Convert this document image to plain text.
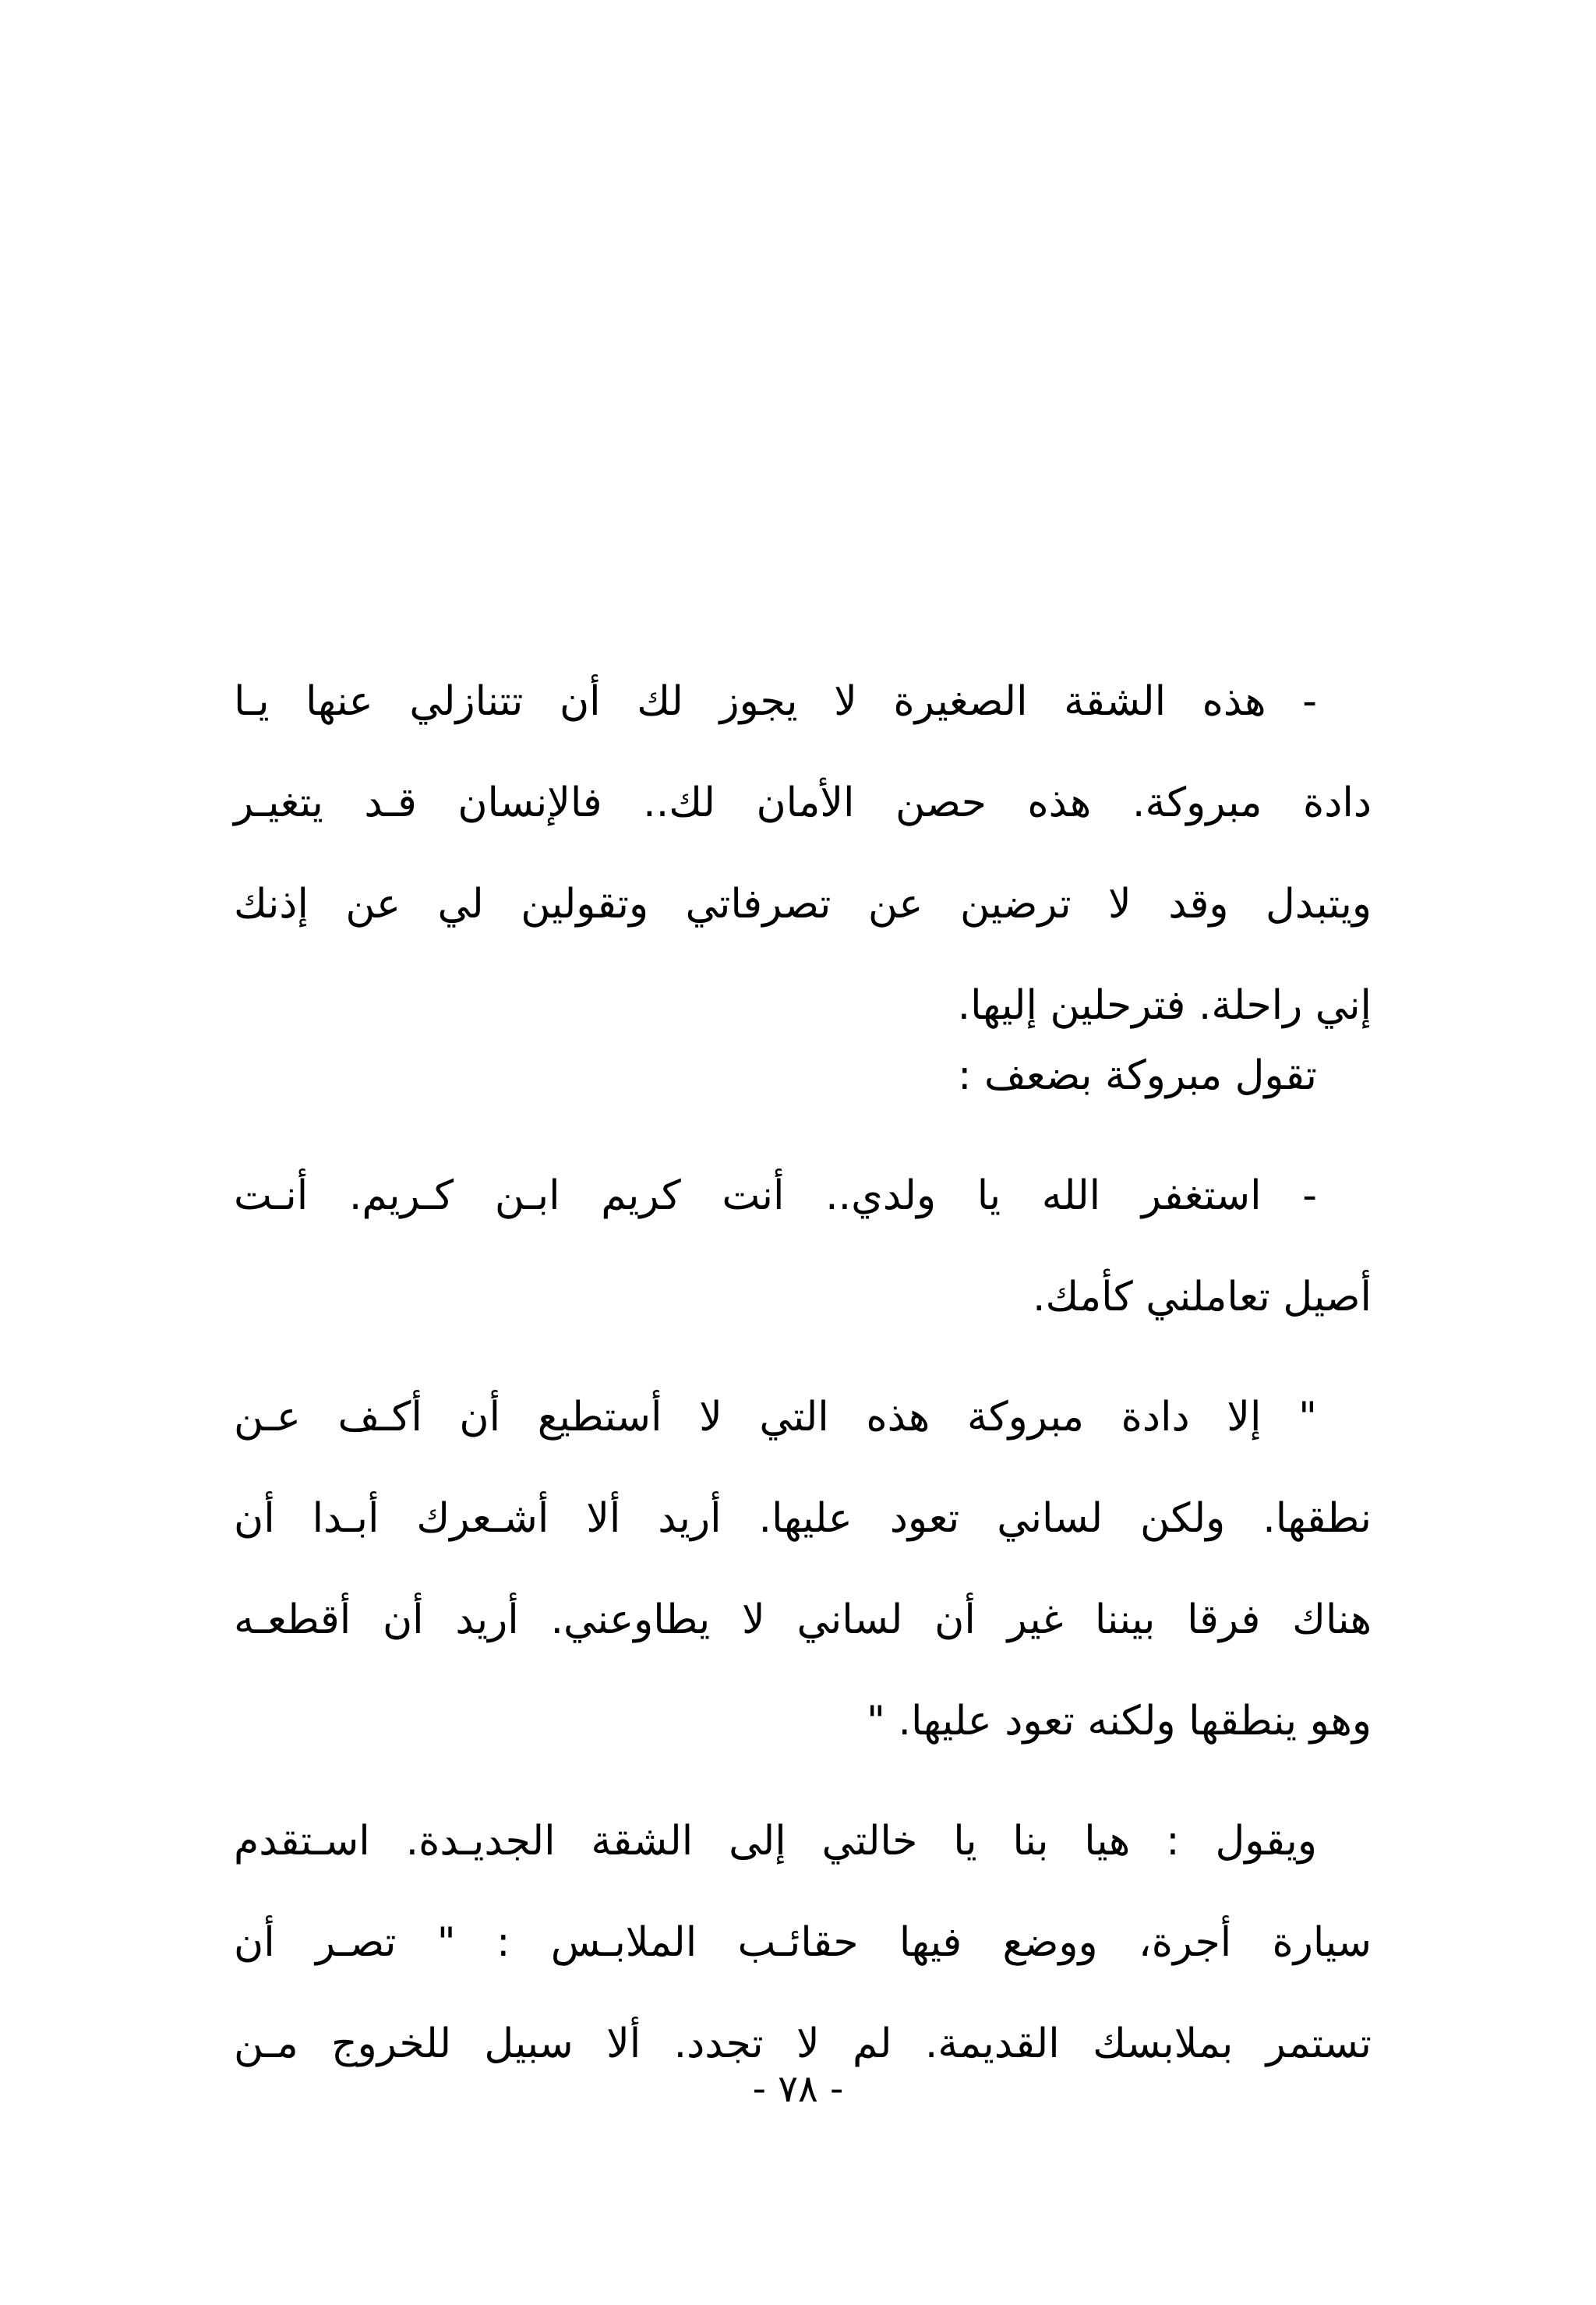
- هذه الشقة الصغيرة لا يجوز لك أن تتنازلي عنها يـا
دادة مبروكة. هذه حصن الأمان لك.. فالإنسان قـد يتغيـر
ويتبدل وقد لا ترضين عن تصرفاتي وتقولين لي عن إذنك
إني راحلة. فترحلين إليها.
تقول مبروكة بضعف :
- استغفر الله يا ولدي.. أنت كريم ابـن كـريم. أنـت
أصيل تعاملني كأمك.
" إلا دادة مبروكة هذه التي لا أستطيع أن أكـف عـن
نطقها. ولكن لساني تعود عليها. أريد ألا أشـعرك أبـدا أن
هناك فرقا بيننا غير أن لساني لا يطاوعني. أريد أن أقطعـه
وهو ينطقها ولكنه تعود عليها. "
ويقول : هيا بنا يا خالتي إلى الشقة الجديـدة. اسـتقدم
سيارة أجرة، ووضع فيها حقائـب الملابـس : " تصـر أن
تستمر بملابسك القديمة. لم لا تجدد. ألا سبيل للخروج مـن
- ٧٨ -
